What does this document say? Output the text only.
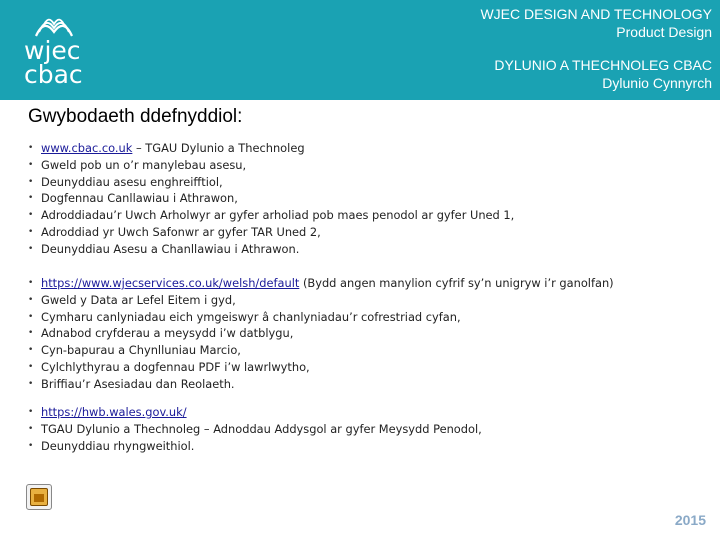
wjec
cbac
WJEC DESIGN AND TECHNOLOGY
Product Design
DYLUNIO A THECHNOLEG CBAC
Dylunio Cynnyrch
Gwybodaeth ddefnyddiol:
• www.cbac.co.uk – TGAU Dylunio a Thechnoleg
• Gweld pob un o’r manylebau asesu,
• Deunyddiau asesu enghreifftiol,
• Dogfennau Canllawiau i Athrawon,
• Adroddiadau’r Uwch Arholwyr ar gyfer arholiad pob maes penodol ar gyfer Uned 1,
• Adroddiad yr Uwch Safonwr ar gyfer TAR Uned 2,
• Deunyddiau Asesu a Chanllawiau i Athrawon.
• https://www.wjecservices.co.uk/welsh/default (Bydd angen manylion cyfrif sy’n unigryw i’r ganolfan)
• Gweld y Data ar Lefel Eitem i gyd,
• Cymharu canlyniadau eich ymgeiswyr â chanlyniadau’r cofrestriad cyfan,
• Adnabod cryfderau a meysydd i’w datblygu,
• Cyn-bapurau a Chynlluniau Marcio,
• Cylchlythyrau a dogfennau PDF i’w lawrlwytho,
• Briffiau’r Asesiadau dan Reolaeth.
• https://hwb.wales.gov.uk/
• TGAU Dylunio a Thechnoleg – Adnoddau Addysgol ar gyfer Meysydd Penodol,
• Deunyddiau rhyngweithiol.
2015
